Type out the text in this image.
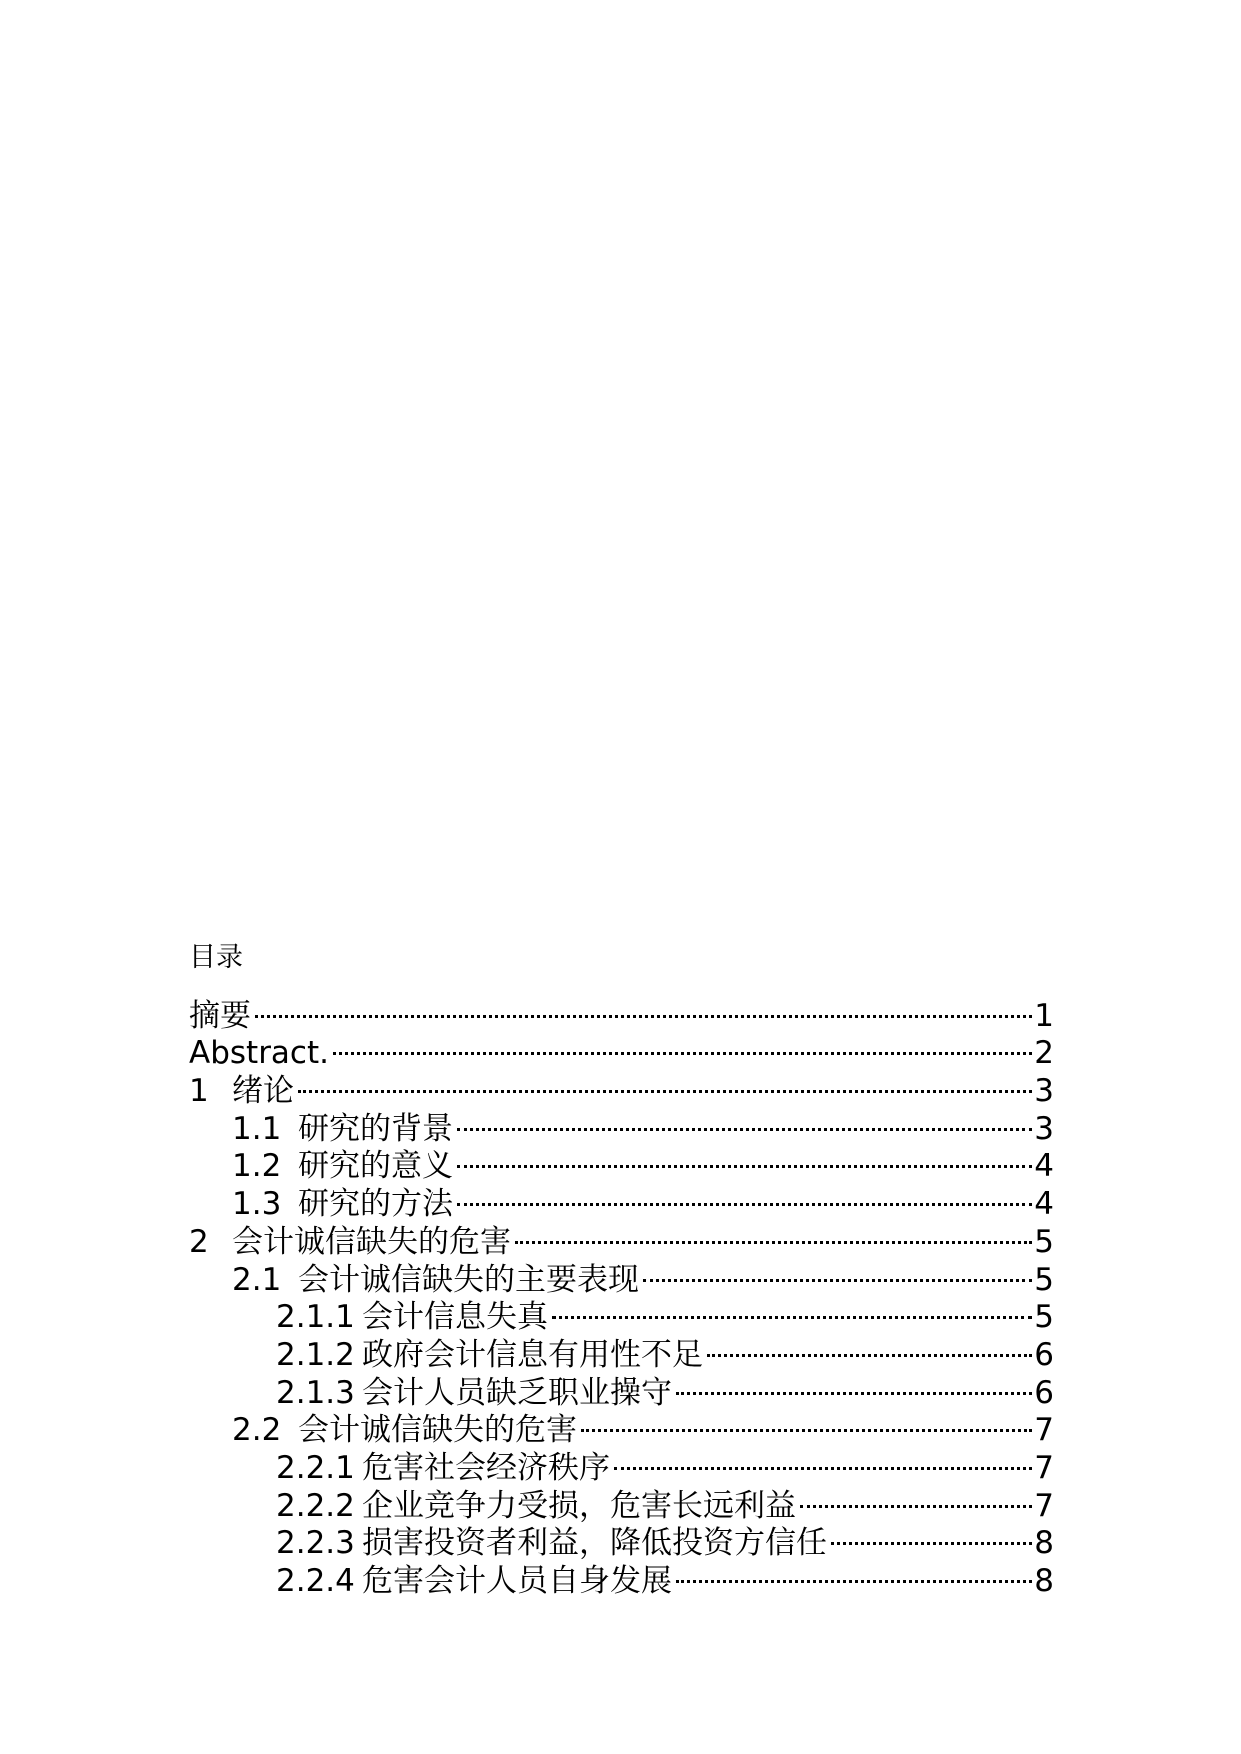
目录
摘要	1
Abstract.	2
1 绪论	3
1.1 研究的背景	3
1.2 研究的意义	4
1.3 研究的方法	4
2 会计诚信缺失的危害	5
2.1 会计诚信缺失的主要表现	5
2.1.1 会计信息失真	5
2.1.2 政府会计信息有用性不足	6
2.1.3 会计人员缺乏职业操守	6
2.2 会计诚信缺失的危害	7
2.2.1 危害社会经济秩序	7
2.2.2 企业竞争力受损，危害长远利益	7
2.2.3 损害投资者利益，降低投资方信任	8
2.2.4 危害会计人员自身发展	8
